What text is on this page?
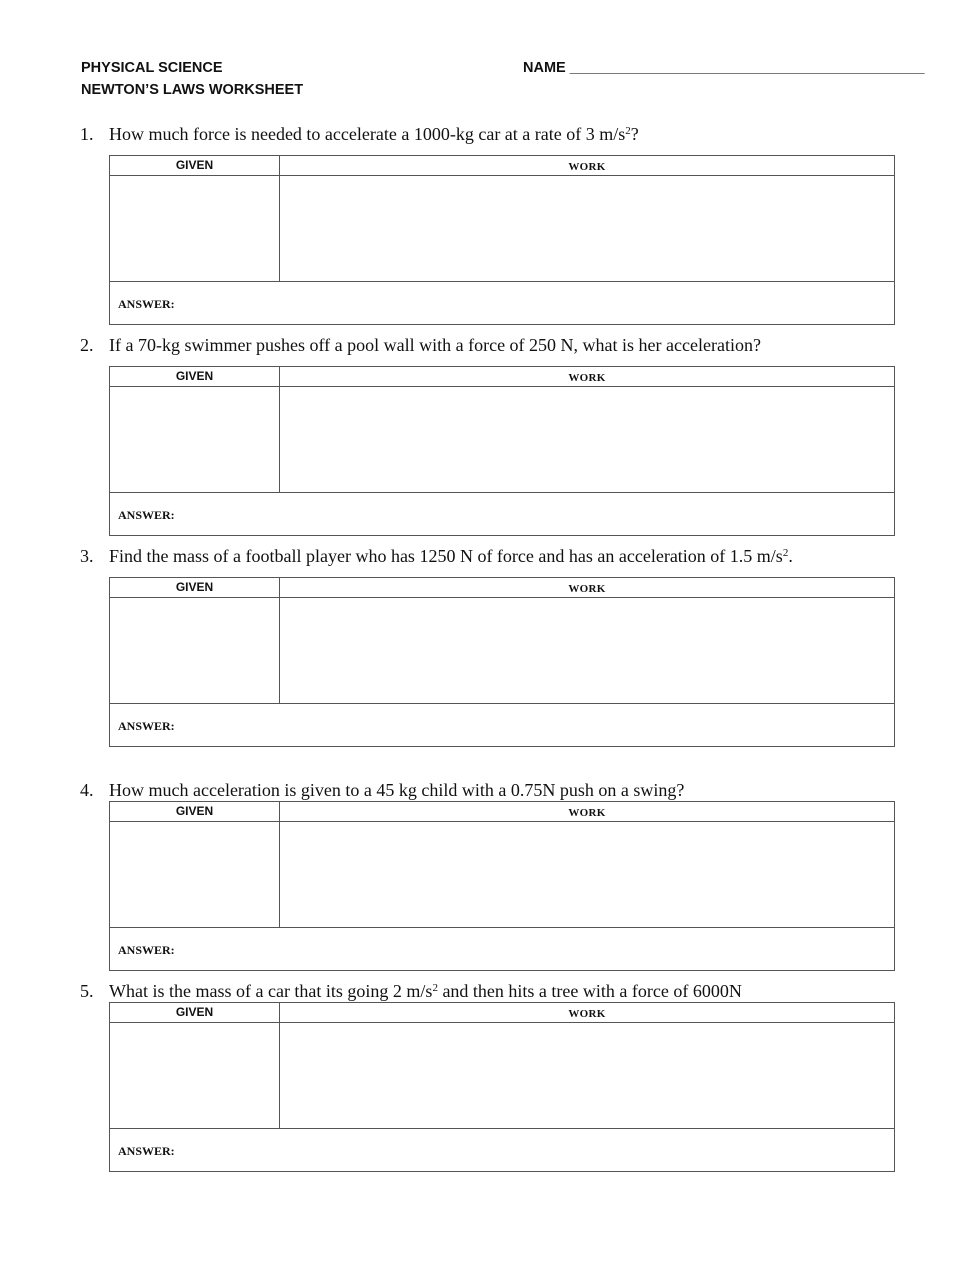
PHYSICAL SCIENCE
NEWTON’S LAWS WORKSHEET
NAME ____________________________________________
1. How much force is needed to accelerate a 1000-kg car at a rate of 3 $m/s^2$?
GIVEN	WORK
ANSWER:
2. If a 70-kg swimmer pushes off a pool wall with a force of 250 N, what is her acceleration?
GIVEN	WORK
ANSWER:
3. Find the mass of a football player who has 1250 N of force and has an acceleration of 1.5 $m/s^2$.
GIVEN	WORK
ANSWER:
4. How much acceleration is given to a 45 kg child with a 0.75N push on a swing?
GIVEN	WORK
ANSWER:
5. What is the mass of a car that its going 2 $m/s^2$ and then hits a tree with a force of 6000N
GIVEN	WORK
ANSWER:
